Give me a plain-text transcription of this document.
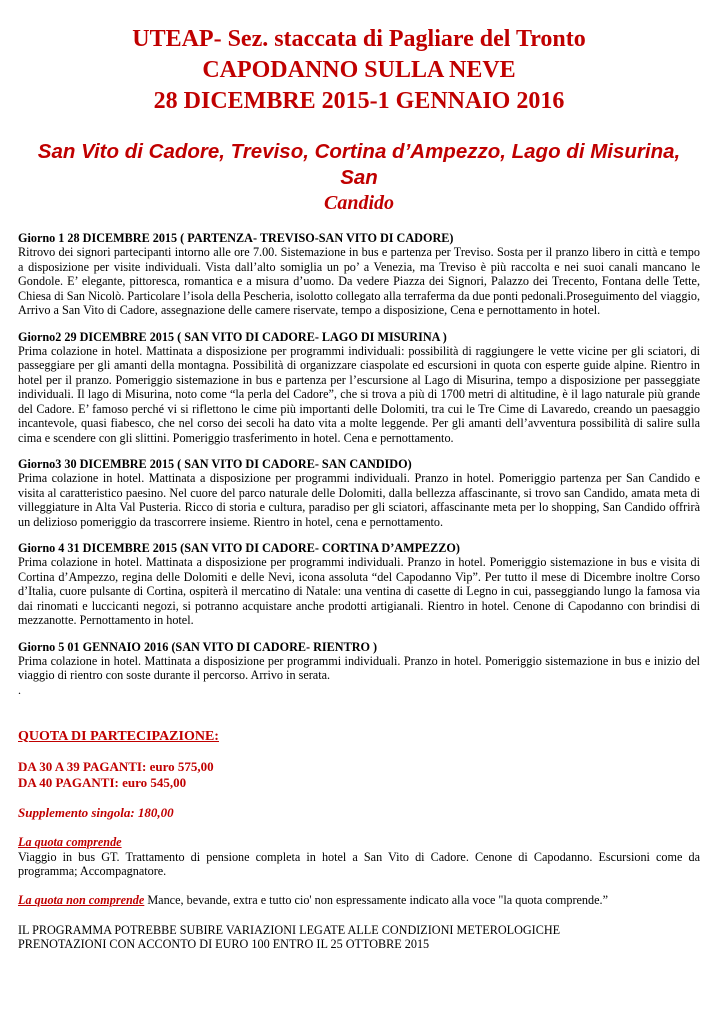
UTEAP- Sez. staccata di Pagliare del Tronto
CAPODANNO SULLA NEVE
28 DICEMBRE 2015-1 GENNAIO 2016
San Vito di Cadore, Treviso, Cortina d’Ampezzo, Lago di Misurina, San
Candido
Giorno 1 28 DICEMBRE 2015 ( PARTENZA- TREVISO-SAN VITO DI CADORE)
Ritrovo dei signori partecipanti intorno alle ore 7.00. Sistemazione in bus e partenza per Treviso. Sosta per il pranzo libero in città e tempo a disposizione per visite individuali. Vista dall’alto somiglia un po’ a Venezia, ma Treviso è più raccolta e nei suoi canali mancano le Gondole. E’ elegante, pittoresca, romantica e a misura d’uomo. Da vedere Piazza dei Signori, Palazzo dei Trecento, Fontana delle Tette, Chiesa di San Nicolò. Particolare l’isola della Pescheria, isolotto collegato alla terraferma da due ponti pedonali.Proseguimento del viaggio, Arrivo a San Vito di Cadore, assegnazione delle camere riservate, tempo a disposizione, Cena e pernottamento in hotel.
Giorno2 29 DICEMBRE 2015 ( SAN VITO DI CADORE- LAGO DI MISURINA )
Prima colazione in hotel. Mattinata a disposizione per programmi individuali: possibilità di raggiungere le vette vicine per gli sciatori, di passeggiare per gli amanti della montagna. Possibilità di organizzare ciaspolate ed escursioni in quota con esperte guide alpine. Rientro in hotel per il pranzo. Pomeriggio sistemazione in bus e partenza per l’escursione al Lago di Misurina, tempo a disposizione per passeggiate individuali. Il lago di Misurina, noto come “la perla del Cadore”, che si trova a più di 1700 metri di altitudine, è il lago naturale più grande del Cadore. E’ famoso perché vi si riflettono le cime più importanti delle Dolomiti, tra cui le Tre Cime di Lavaredo, creando un paesaggio incantevole, quasi fiabesco, che nel corso dei secoli ha dato vita a molte leggende. Per gli amanti dell’avventura possibilità di salire sulla cima e scendere con gli slittini. Pomeriggio trasferimento in hotel. Cena e pernottamento.
Giorno3 30 DICEMBRE 2015 ( SAN VITO DI CADORE- SAN CANDIDO)
Prima colazione in hotel. Mattinata a disposizione per programmi individuali. Pranzo in hotel. Pomeriggio partenza per San Candido e visita al caratteristico paesino. Nel cuore del parco naturale delle Dolomiti, dalla bellezza affascinante, si trovo san Candido, amata meta di villeggiature in Alta Val Pusteria. Ricco di storia e cultura, paradiso per gli sciatori, affascinante meta per lo shopping, San Candido offrirà un delizioso pomeriggio da trascorrere insieme. Rientro in hotel, cena e pernottamento.
Giorno 4 31 DICEMBRE 2015 (SAN VITO DI CADORE- CORTINA D’AMPEZZO)
Prima colazione in hotel. Mattinata a disposizione per programmi individuali. Pranzo in hotel. Pomeriggio sistemazione in bus e visita di Cortina d’Ampezzo, regina delle Dolomiti e delle Nevi, icona assoluta “del Capodanno Vip”. Per tutto il mese di Dicembre inoltre Corso d’Italia, cuore pulsante di Cortina, ospiterà il mercatino di Natale: una ventina di casette di Legno in cui, passeggiando lungo la famosa via dai rinomati e luccicanti negozi, si potranno acquistare anche prodotti artigianali. Rientro in hotel. Cenone di Capodanno con brindisi di mezzanotte. Pernottamento in hotel.
Giorno 5 01 GENNAIO 2016 (SAN VITO DI CADORE- RIENTRO )
Prima colazione in hotel. Mattinata a disposizione per programmi individuali. Pranzo in hotel. Pomeriggio sistemazione in bus e inizio del viaggio di rientro con soste durante il percorso. Arrivo in serata.
.
QUOTA DI PARTECIPAZIONE:
DA 30 A 39 PAGANTI: euro 575,00
DA 40 PAGANTI: euro 545,00
Supplemento singola: 180,00
La quota comprende
Viaggio in bus GT. Trattamento di pensione completa in hotel a San Vito di Cadore. Cenone di Capodanno. Escursioni come da programma; Accompagnatore.
La quota non comprende Mance, bevande, extra e tutto cio' non espressamente indicato alla voce "la quota comprende.”
IL PROGRAMMA POTREBBE SUBIRE VARIAZIONI LEGATE ALLE CONDIZIONI METEROLOGICHE
PRENOTAZIONI CON ACCONTO DI EURO 100 ENTRO IL 25 OTTOBRE 2015
